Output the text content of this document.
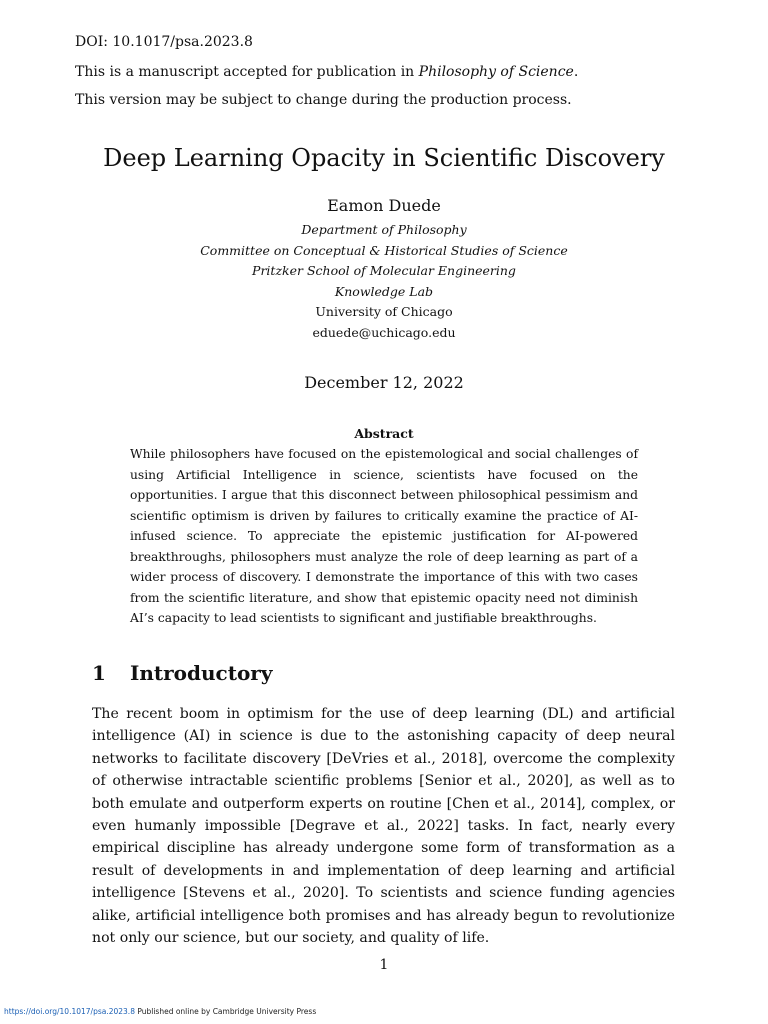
DOI: 10.1017/psa.2023.8
This is a manuscript accepted for publication in Philosophy of Science.
This version may be subject to change during the production process.
Deep Learning Opacity in Scientific Discovery
Eamon Duede
Department of Philosophy
Committee on Conceptual & Historical Studies of Science
Pritzker School of Molecular Engineering
Knowledge Lab
University of Chicago
eduede@uchicago.edu
December 12, 2022
Abstract
While philosophers have focused on the epistemological and social challenges of using Artificial Intelligence in science, scientists have focused on the opportunities. I argue that this disconnect between philosophical pessimism and scientific optimism is driven by failures to critically examine the practice of AI-infused science. To appreciate the epistemic justification for AI-powered breakthroughs, philosophers must analyze the role of deep learning as part of a wider process of discovery. I demonstrate the importance of this with two cases from the scientific literature, and show that epistemic opacity need not diminish AI’s capacity to lead scientists to significant and justifiable breakthroughs.
1 Introductory
The recent boom in optimism for the use of deep learning (DL) and artificial intelligence (AI) in science is due to the astonishing capacity of deep neural networks to facilitate discovery [DeVries et al., 2018], overcome the complexity of otherwise intractable scientific problems [Senior et al., 2020], as well as to both emulate and outperform experts on routine [Chen et al., 2014], complex, or even humanly impossible [Degrave et al., 2022] tasks. In fact, nearly every empirical discipline has already undergone some form of transformation as a result of developments in and implementation of deep learning and artificial intelligence [Stevens et al., 2020]. To scientists and science funding agencies alike, artificial intelligence both promises and has already begun to revolutionize not only our science, but our society, and quality of life.
1
https://doi.org/10.1017/psa.2023.8 Published online by Cambridge University Press
